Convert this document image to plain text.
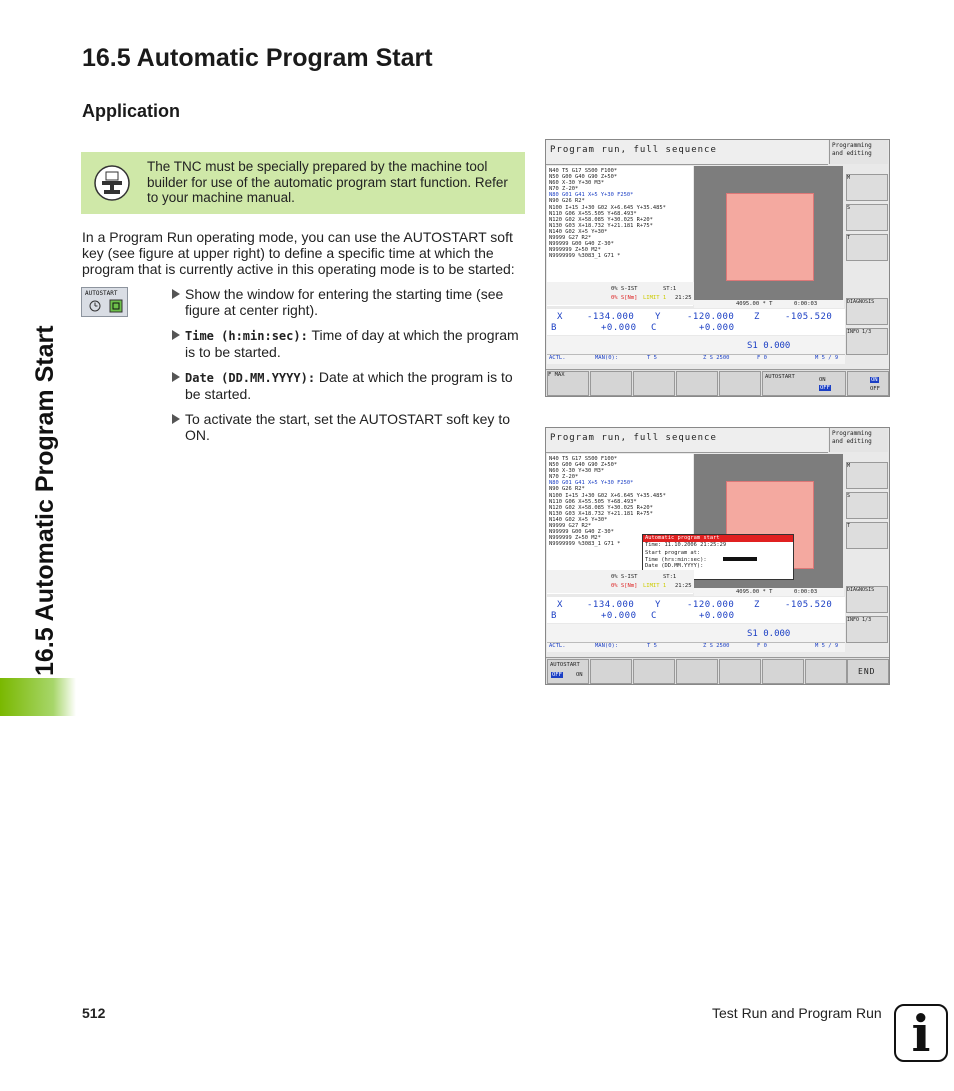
16.5 Automatic Program Start
16.5 Automatic Program Start
Application
The TNC must be specially prepared by the machine tool builder for use of the automatic program start function. Refer to your machine manual.
In a Program Run operating mode, you can use the AUTOSTART soft key (see figure at upper right) to define a specific time at which the program that is currently active in this operating mode is to be started:
AUTOSTART	Show the window for entering the starting time (see figure at center right).
Time (h:min:sec): Time of day at which the program is to be started.
Date (DD.MM.YYYY): Date at which the program is to be started.
To activate the start, set the AUTOSTART soft key to ON.
Program run, full sequence	Programming and editing
N40 T5 G17 S500 F100*
N50 G00 G40 G90 Z+50*
N60 X-30 Y+30 M3*
N70 Z-20*
N80 G01 G41 X+5 Y+30 F250*
N90 G26 R2*
N100 I+15 J+30 G02 X+6.645 Y+35.485*
N110 G06 X+55.505 Y+68.493*
N120 G02 X+58.085 Y+30.025 R+20*
N130 G03 X+18.732 Y+21.181 R+75*
N140 G02 X+5 Y+30*
N9999 G27 R2*
N99999 G00 G40 Z-30*
N999999 Z+50 M2*
N9999999 %3083_1 G71 *
0% S-IST	ST:1
0% S[Nm] LIMIT 1 21:25
4095.00 * T	0:00:03
X	-134.000 Y	-120.000 Z	-105.520
B	+0.000 C	+0.000
S1 0.000
ACTL.	MAN(0):	T 5	Z S 2500	F 0	M 5 / 9
M
S
T
DIAGNOSIS
INFO 1/3
F MAX	AUTOSTART	ON
OFF
ON
OFF
Program run, full sequence	Programming and editing
N40 T5 G17 S500 F100*
N50 G00 G40 G90 Z+50*
N60 X-30 Y+30 M3*
N70 Z-20*
N80 G01 G41 X+5 Y+30 F250*
N90 G26 R2*
N100 I+15 J+30 G02 X+6.645 Y+35.485*
N110 G06 X+55.505 Y+68.493*
N120 G02 X+58.085 Y+30.025 R+20*
N130 G03 X+18.732 Y+21.181 R+75*
N140 G02 X+5 Y+30*
N9999 G27 R2*
N99999 G00 G40 Z-30*
N999999 Z+50 M2*
N9999999 %3083_1 G71 *
Automatic program start
Time: 11.10.2006 21:25:29
Start program at:
Time (hrs:min:sec):
Date (DD.MM.YYYY):
0% S-IST	ST:1
0% S[Nm] LIMIT 1 21:25
4095.00 * T	0:00:03
X	-134.000 Y	-120.000 Z	-105.520
B	+0.000 C	+0.000
S1 0.000
ACTL.	MAN(0):	T 5	Z S 2500	F 0	M 5 / 9
M
S
T
DIAGNOSIS
INFO 1/3
AUTOSTART
OFF	ON	END
512	Test Run and Program Run i
